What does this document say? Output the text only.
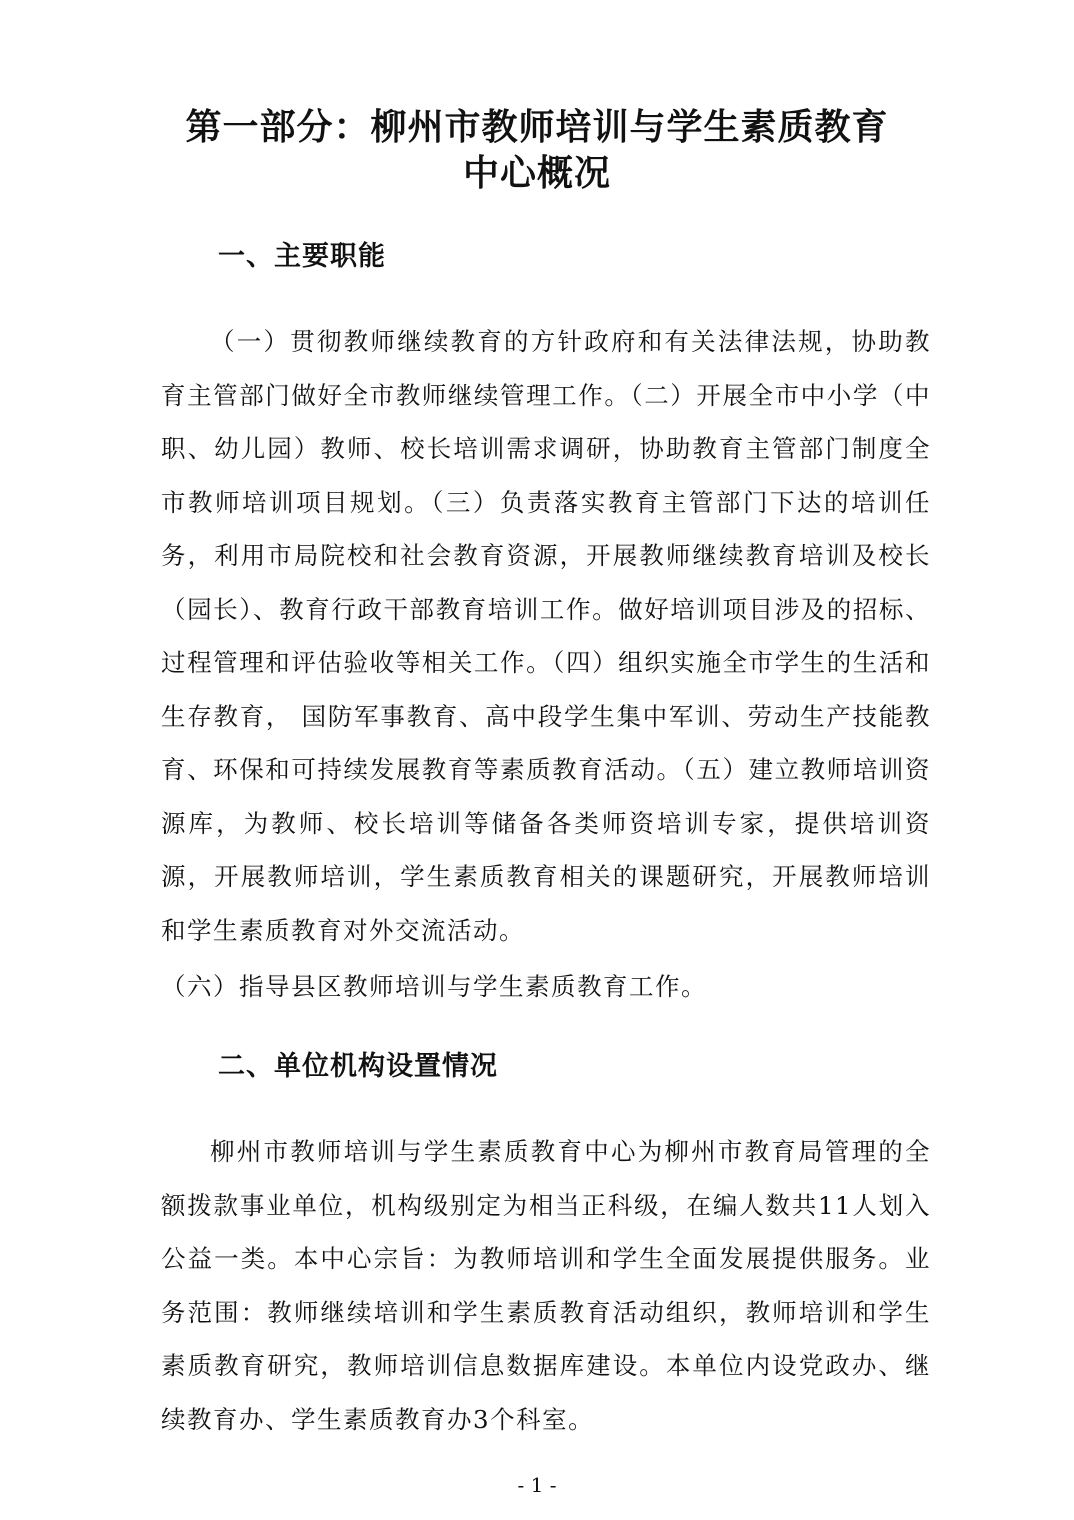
第一部分：柳州市教师培训与学生素质教育
中心概况
一、主要职能

（一）贯彻教师继续教育的方针政府和有关法律法规，协助教育主管部门做好全市教师继续管理工作。（二）开展全市中小学（中职、幼儿园）教师、校长培训需求调研，协助教育主管部门制度全市教师培训项目规划。（三）负责落实教育主管部门下达的培训任务，利用市局院校和社会教育资源，开展教师继续教育培训及校长（园长）、教育行政干部教育培训工作。做好培训项目涉及的招标、过程管理和评估验收等相关工作。（四）组织实施全市学生的生活和生存教育， 国防军事教育、高中段学生集中军训、劳动生产技能教育、环保和可持续发展教育等素质教育活动。（五）建立教师培训资源库，为教师、校长培训等储备各类师资培训专家，提供培训资源，开展教师培训，学生素质教育相关的课题研究，开展教师培训和学生素质教育对外交流活动。

（六）指导县区教师培训与学生素质教育工作。

二、单位机构设置情况

柳州市教师培训与学生素质教育中心为柳州市教育局管理的全额拨款事业单位，机构级别定为相当正科级，在编人数共11人划入公益一类。本中心宗旨：为教师培训和学生全面发展提供服务。业务范围：教师继续培训和学生素质教育活动组织，教师培训和学生素质教育研究，教师培训信息数据库建设。本单位内设党政办、继续教育办、学生素质教育办3个科室。

- 1 -
